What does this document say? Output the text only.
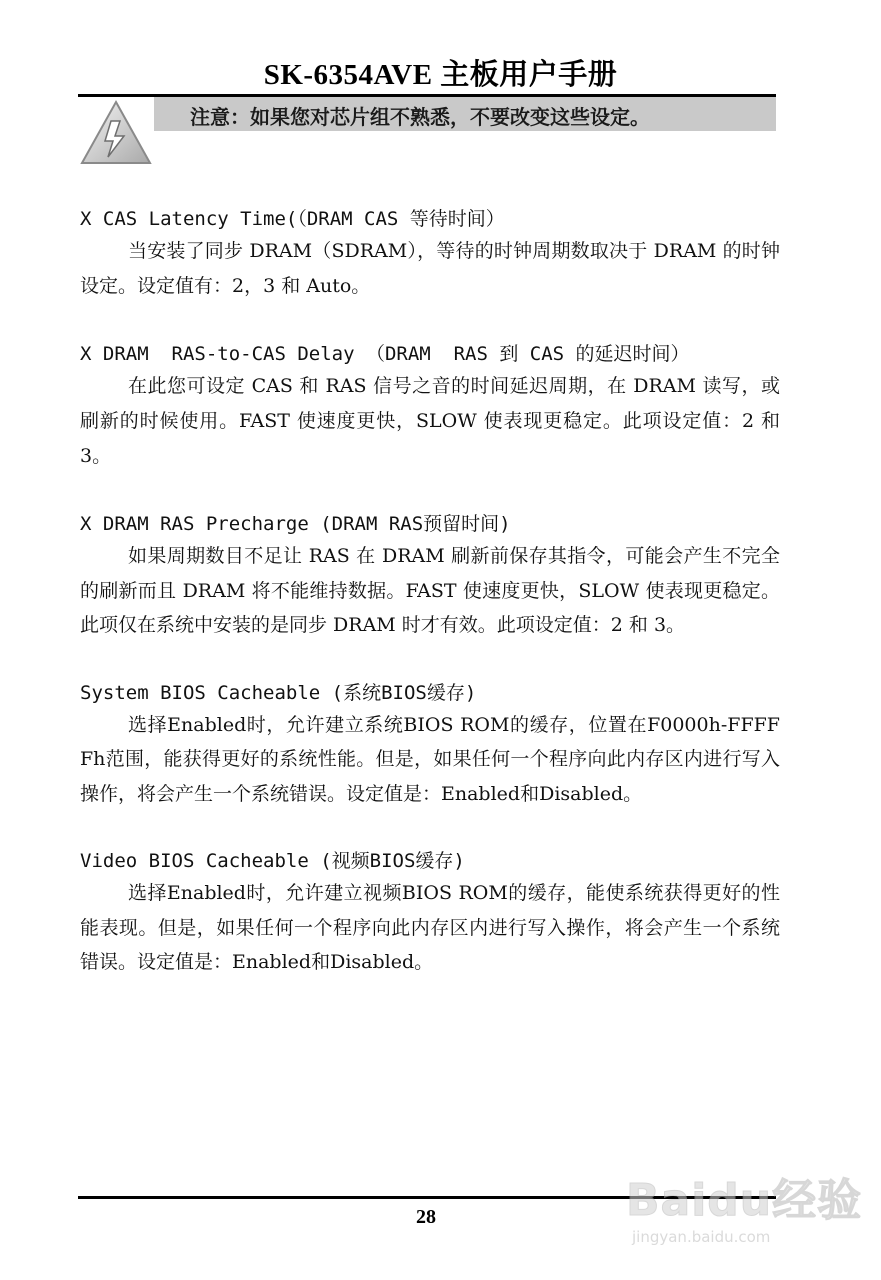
SK-6354AVE 主板用户手册
注意：如果您对芯片组不熟悉，不要改变这些设定。
X CAS Latency Time(（DRAM CAS 等待时间）
当安装了同步 DRAM（SDRAM），等待的时钟周期数取决于 DRAM 的时钟设定。设定值有：2，3 和 Auto。
X DRAM  RAS-to-CAS Delay （DRAM  RAS 到 CAS 的延迟时间）
在此您可设定 CAS 和 RAS 信号之音的时间延迟周期，在 DRAM 读写，或刷新的时候使用。FAST 使速度更快，SLOW 使表现更稳定。此项设定值：2 和 3。
X DRAM RAS Precharge (DRAM RAS预留时间)
如果周期数目不足让 RAS 在 DRAM 刷新前保存其指令，可能会产生不完全的刷新而且 DRAM 将不能维持数据。FAST 使速度更快，SLOW 使表现更稳定。此项仅在系统中安装的是同步 DRAM 时才有效。此项设定值：2 和 3。
System BIOS Cacheable (系统BIOS缓存)
选择Enabled时，允许建立系统BIOS ROM的缓存，位置在F0000h-FFFFFh范围，能获得更好的系统性能。但是，如果任何一个程序向此内存区内进行写入操作，将会产生一个系统错误。设定值是：Enabled和Disabled。
Video BIOS Cacheable (视频BIOS缓存)
选择Enabled时，允许建立视频BIOS ROM的缓存，能使系统获得更好的性能表现。但是，如果任何一个程序向此内存区内进行写入操作，将会产生一个系统错误。设定值是：Enabled和Disabled。
28	Baidu经验
jingyan.baidu.com
